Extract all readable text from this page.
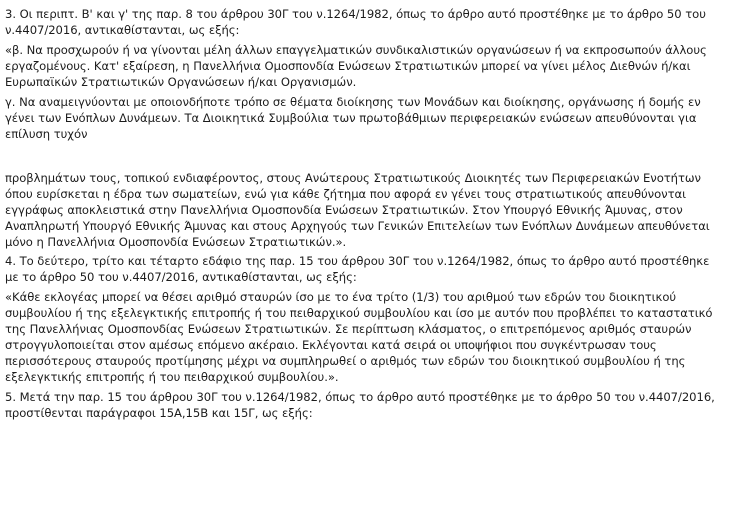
3. Οι περιπτ. Β' και γ' της παρ. 8 του άρθρου 30Γ του ν.1264/1982, όπως το άρθρο αυτό προστέθηκε με το άρθρο 50 του
ν.4407/2016, αντικαθίστανται, ως εξής:
«β. Να προσχωρούν ή να γίνονται μέλη άλλων επαγγελματικών συνδικαλιστικών οργανώσεων ή να εκπροσωπούν άλλους
εργαζομένους. Κατ' εξαίρεση, η Πανελλήνια Ομοσπονδία Ενώσεων Στρατιωτικών μπορεί να γίνει μέλος Διεθνών ή/και
Ευρωπαϊκών Στρατιωτικών Οργανώσεων ή/και Οργανισμών.
γ. Να αναμειγνύονται με οποιονδήποτε τρόπο σε θέματα διοίκησης των Μονάδων και διοίκησης, οργάνωσης ή δομής εν
γένει των Ενόπλων Δυνάμεων. Τα Διοικητικά Συμβούλια των πρωτοβάθμιων περιφερειακών ενώσεων απευθύνονται για
επίλυση τυχόν
προβλημάτων τους, τοπικού ενδιαφέροντος, στους Ανώτερους Στρατιωτικούς Διοικητές των Περιφερειακών Ενοτήτων
όπου ευρίσκεται η έδρα των σωματείων, ενώ για κάθε ζήτημα που αφορά εν γένει τους στρατιωτικούς απευθύνονται
εγγράφως αποκλειστικά στην Πανελλήνια Ομοσπονδία Ενώσεων Στρατιωτικών. Στον Υπουργό Εθνικής Άμυνας, στον
Αναπληρωτή Υπουργό Εθνικής Άμυνας και στους Αρχηγούς των Γενικών Επιτελείων των Ενόπλων Δυνάμεων απευθύνεται
μόνο η Πανελλήνια Ομοσπονδία Ενώσεων Στρατιωτικών.».
4. Το δεύτερο, τρίτο και τέταρτο εδάφιο της παρ. 15 του άρθρου 30Γ του ν.1264/1982, όπως το άρθρο αυτό προστέθηκε
με το άρθρο 50 του ν.4407/2016, αντικαθίστανται, ως εξής:
«Κάθε εκλογέας μπορεί να θέσει αριθμό σταυρών ίσο με το ένα τρίτο (1/3) του αριθμού των εδρών του διοικητικού
συμβουλίου ή της εξελεγκτικής επιτροπής ή του πειθαρχικού συμβουλίου και ίσο με αυτόν που προβλέπει το καταστατικό
της Πανελλήνιας Ομοσπονδίας Ενώσεων Στρατιωτικών. Σε περίπτωση κλάσματος, ο επιτρεπόμενος αριθμός σταυρών
στρογγυλοποιείται στον αμέσως επόμενο ακέραιο. Εκλέγονται κατά σειρά οι υποψήφιοι που συγκέντρωσαν τους
περισσότερους σταυρούς προτίμησης μέχρι να συμπληρωθεί ο αριθμός των εδρών του διοικητικού συμβουλίου ή της
εξελεγκτικής επιτροπής ή του πειθαρχικού συμβουλίου.».
5. Μετά την παρ. 15 του άρθρου 30Γ του ν.1264/1982, όπως το άρθρο αυτό προστέθηκε με το άρθρο 50 του ν.4407/2016,
προστίθενται παράγραφοι 15Α,15Β και 15Γ, ως εξής:
